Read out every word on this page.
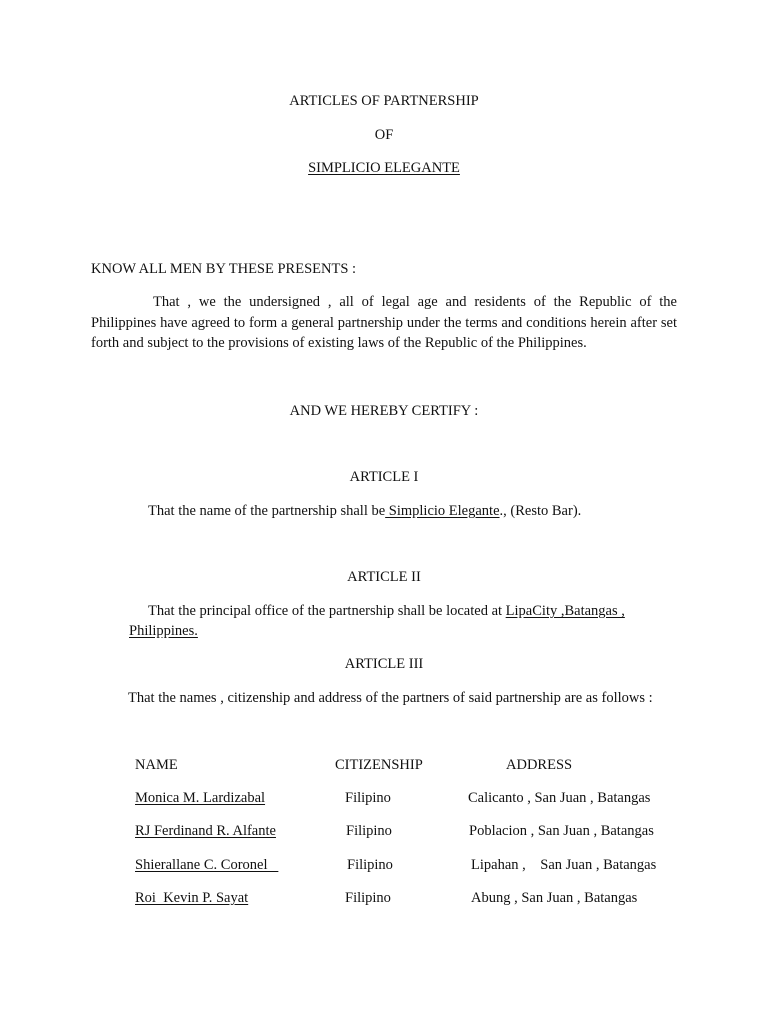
ARTICLES OF PARTNERSHIP
OF
SIMPLICIO ELEGANTE
KNOW ALL MEN BY THESE PRESENTS :
That , we the undersigned , all of legal age and residents of the Republic of the Philippines have agreed to form a general partnership under the terms and conditions herein after set forth and subject to the provisions of existing laws of the Republic of the Philippines.
AND WE HEREBY CERTIFY :
ARTICLE I
That the name of the partnership shall be Simplicio Elegante., (Resto Bar).
ARTICLE II
That the principal office of the partnership shall be located at LipaCity ,Batangas ,
Philippines.
ARTICLE III
That the names , citizenship and address of the partners of said partnership are as follows :
NAME	CITIZENSHIP	ADDRESS
Monica M. Lardizabal	Filipino	Calicanto , San Juan , Batangas
RJ Ferdinand R. Alfante	Filipino	Poblacion , San Juan , Batangas
Shierallane C. Coronel	Filipino	Lipahan ,    San Juan , Batangas
Roi  Kevin P. Sayat	Filipino	Abung , San Juan , Batangas
